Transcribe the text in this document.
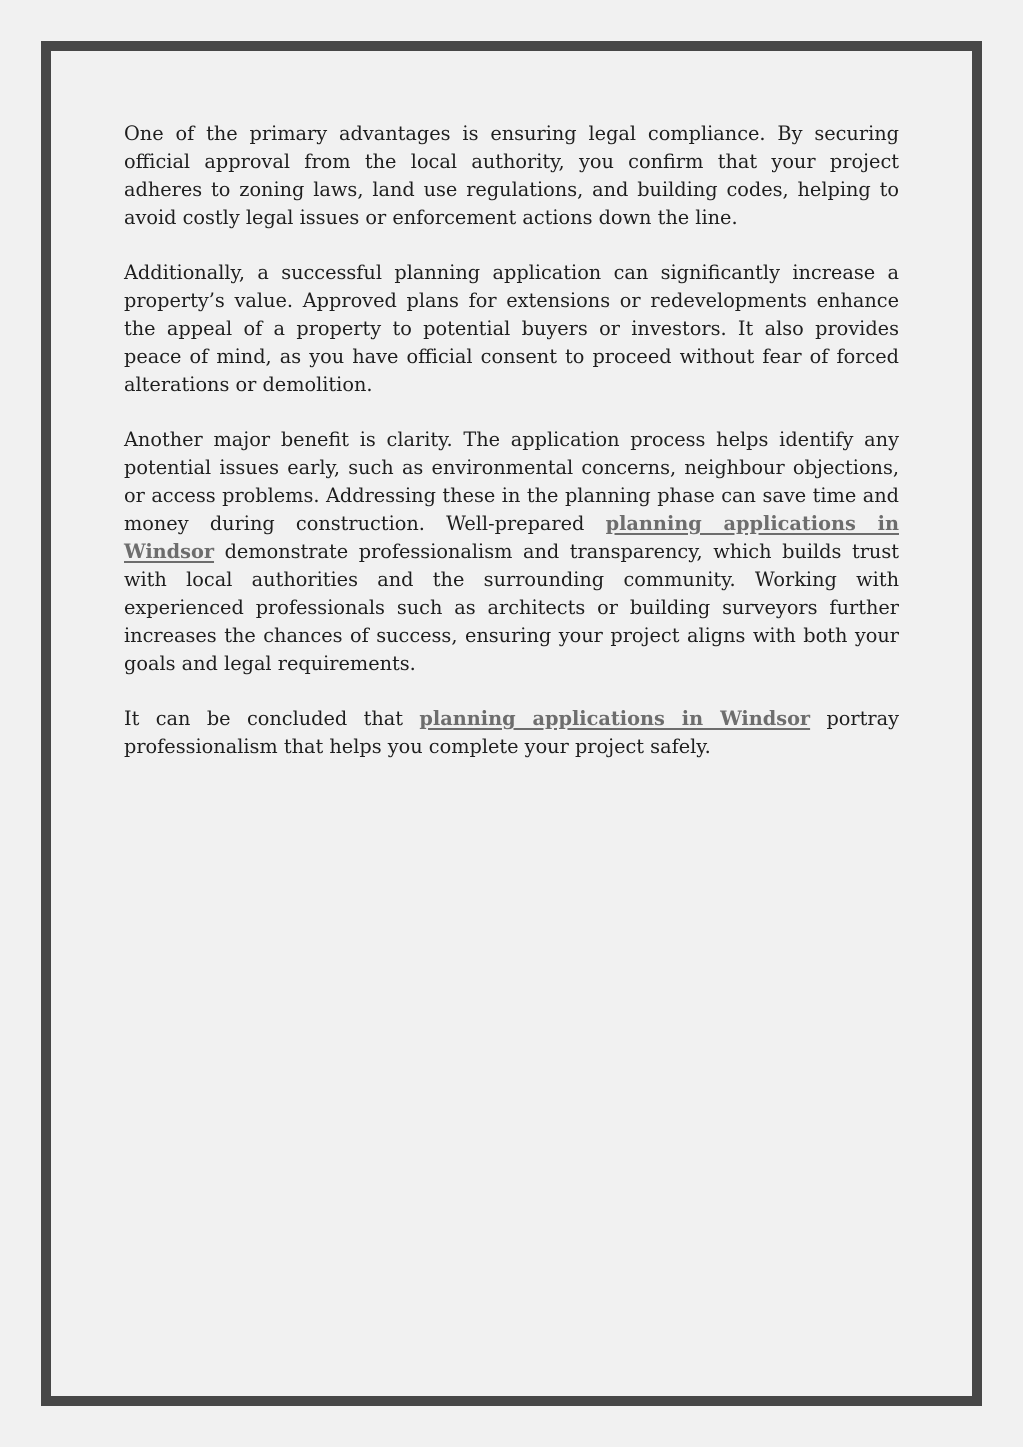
One of the primary advantages is ensuring legal compliance. By securing official approval from the local authority, you confirm that your project adheres to zoning laws, land use regulations, and building codes, helping to avoid costly legal issues or enforcement actions down the line.

Additionally, a successful planning application can significantly increase a property’s value. Approved plans for extensions or redevelopments enhance the appeal of a property to potential buyers or investors. It also provides peace of mind, as you have official consent to proceed without fear of forced alterations or demolition.

Another major benefit is clarity. The application process helps identify any potential issues early, such as environmental concerns, neighbour objections, or access problems. Addressing these in the planning phase can save time and money during construction. Well-prepared planning applications in Windsor demonstrate professionalism and transparency, which builds trust with local authorities and the surrounding community. Working with experienced professionals such as architects or building surveyors further increases the chances of success, ensuring your project aligns with both your goals and legal requirements.

It can be concluded that planning applications in Windsor portray professionalism that helps you complete your project safely.
